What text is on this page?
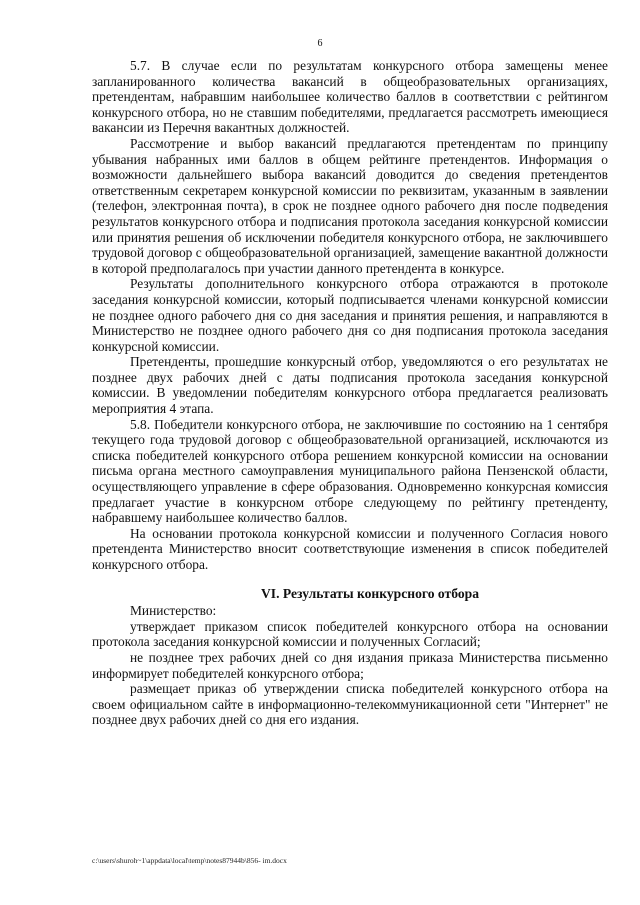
6

5.7. В случае если по результатам конкурсного отбора замещены менее запланированного количества вакансий в общеобразовательных организациях, претендентам, набравшим наибольшее количество баллов в соответствии с рейтингом конкурсного отбора, но не ставшим победителями, предлагается рассмотреть имеющиеся вакансии из Перечня вакантных должностей.

Рассмотрение и выбор вакансий предлагаются претендентам по принципу убывания набранных ими баллов в общем рейтинге претендентов. Информация о возможности дальнейшего выбора вакансий доводится до сведения претендентов ответственным секретарем конкурсной комиссии по реквизитам, указанным в заявлении (телефон, электронная почта), в срок не позднее одного рабочего дня после подведения результатов конкурсного отбора и подписания протокола заседания конкурсной комиссии или принятия решения об исключении победителя конкурсного отбора, не заключившего трудовой договор с общеобразовательной организацией, замещение вакантной должности в которой предполагалось при участии данного претендента в конкурсе.

Результаты дополнительного конкурсного отбора отражаются в протоколе заседания конкурсной комиссии, который подписывается членами конкурсной комиссии не позднее одного рабочего дня со дня заседания и принятия решения, и направляются в Министерство не позднее одного рабочего дня со дня подписания протокола заседания конкурсной комиссии.

Претенденты, прошедшие конкурсный отбор, уведомляются о его результатах не позднее двух рабочих дней с даты подписания протокола заседания конкурсной комиссии. В уведомлении победителям конкурсного отбора предлагается реализовать мероприятия 4 этапа.

5.8. Победители конкурсного отбора, не заключившие по состоянию на 1 сентября текущего года трудовой договор с общеобразовательной организацией, исключаются из списка победителей конкурсного отбора решением конкурсной комиссии на основании письма органа местного самоуправления муниципального района Пензенской области, осуществляющего управление в сфере образования. Одновременно конкурсная комиссия предлагает участие в конкурсном отборе следующему по рейтингу претенденту, набравшему наибольшее количество баллов.

На основании протокола конкурсной комиссии и полученного Согласия нового претендента Министерство вносит соответствующие изменения в список победителей конкурсного отбора.

VI. Результаты конкурсного отбора

Министерство:

утверждает приказом список победителей конкурсного отбора на основании протокола заседания конкурсной комиссии и полученных Согласий;

не позднее трех рабочих дней со дня издания приказа Министерства письменно информирует победителей конкурсного отбора;

размещает приказ об утверждении списка победителей конкурсного отбора на своем официальном сайте в информационно-телекоммуникационной сети "Интернет" не позднее двух рабочих дней со дня его издания.

c:\users\shuroh~1\appdata\local\temp\notes87944b\856- im.docx
